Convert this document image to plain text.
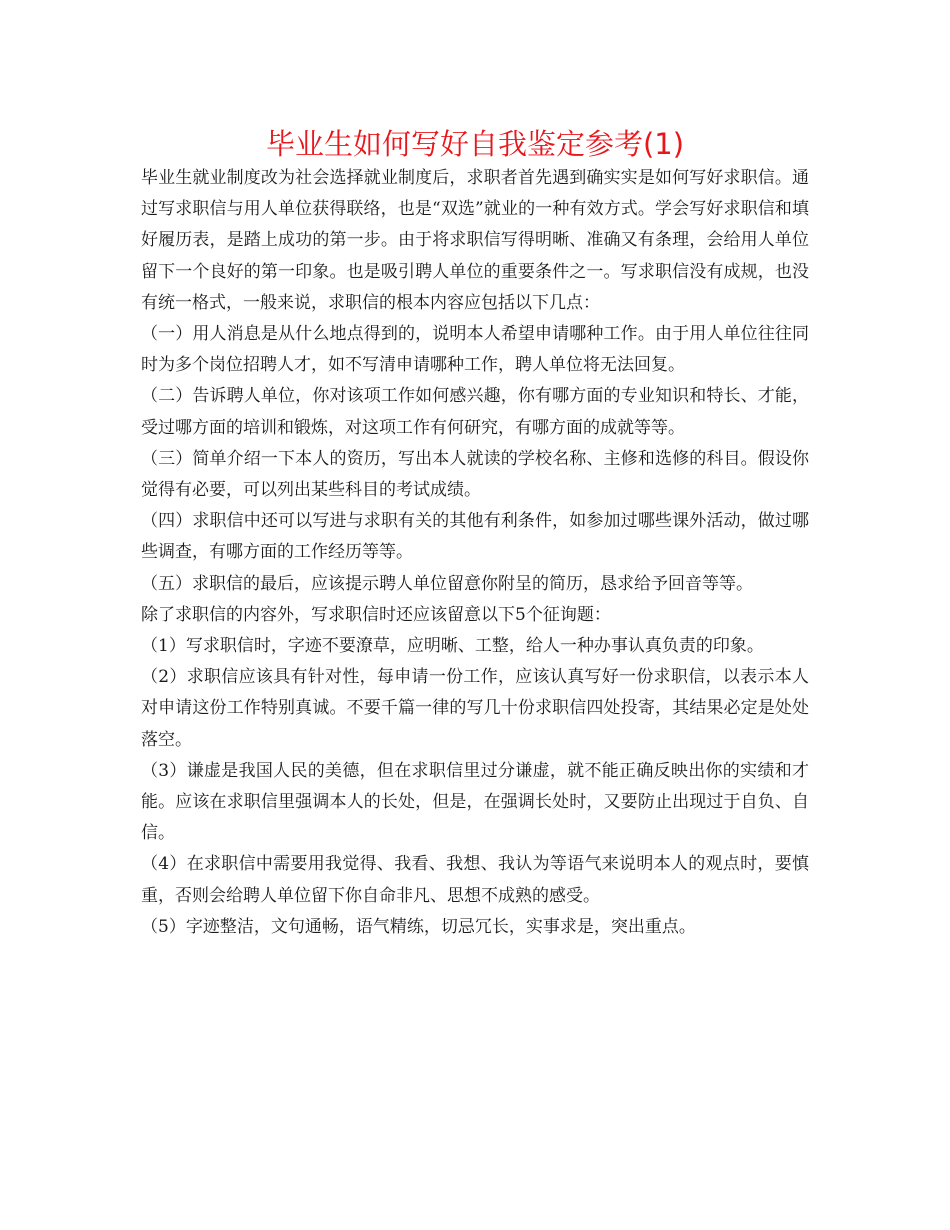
毕业生如何写好自我鉴定参考(1)

毕业生就业制度改为社会选择就业制度后，求职者首先遇到确实实是如何写好求职信。通过写求职信与用人单位获得联络，也是“双选”就业的一种有效方式。学会写好求职信和填好履历表，是踏上成功的第一步。由于将求职信写得明晰、准确又有条理，会给用人单位留下一个良好的第一印象。也是吸引聘人单位的重要条件之一。写求职信没有成规，也没有统一格式，一般来说，求职信的根本内容应包括以下几点：

（一）用人消息是从什么地点得到的，说明本人希望申请哪种工作。由于用人单位往往同时为多个岗位招聘人才，如不写清申请哪种工作，聘人单位将无法回复。

（二）告诉聘人单位，你对该项工作如何感兴趣，你有哪方面的专业知识和特长、才能，受过哪方面的培训和锻炼，对这项工作有何研究，有哪方面的成就等等。

（三）简单介绍一下本人的资历，写出本人就读的学校名称、主修和选修的科目。假设你觉得有必要，可以列出某些科目的考试成绩。

（四）求职信中还可以写进与求职有关的其他有利条件，如参加过哪些课外活动，做过哪些调查，有哪方面的工作经历等等。

（五）求职信的最后，应该提示聘人单位留意你附呈的简历，恳求给予回音等等。

除了求职信的内容外，写求职信时还应该留意以下5个征询题：

（1）写求职信时，字迹不要潦草，应明晰、工整，给人一种办事认真负责的印象。

（2）求职信应该具有针对性，每申请一份工作，应该认真写好一份求职信，以表示本人对申请这份工作特别真诚。不要千篇一律的写几十份求职信四处投寄，其结果必定是处处落空。

（3）谦虚是我国人民的美德，但在求职信里过分谦虚，就不能正确反映出你的实绩和才能。应该在求职信里强调本人的长处，但是，在强调长处时，又要防止出现过于自负、自信。

（4）在求职信中需要用我觉得、我看、我想、我认为等语气来说明本人的观点时，要慎重，否则会给聘人单位留下你自命非凡、思想不成熟的感受。

（5）字迹整洁，文句通畅，语气精练，切忌冗长，实事求是，突出重点。
